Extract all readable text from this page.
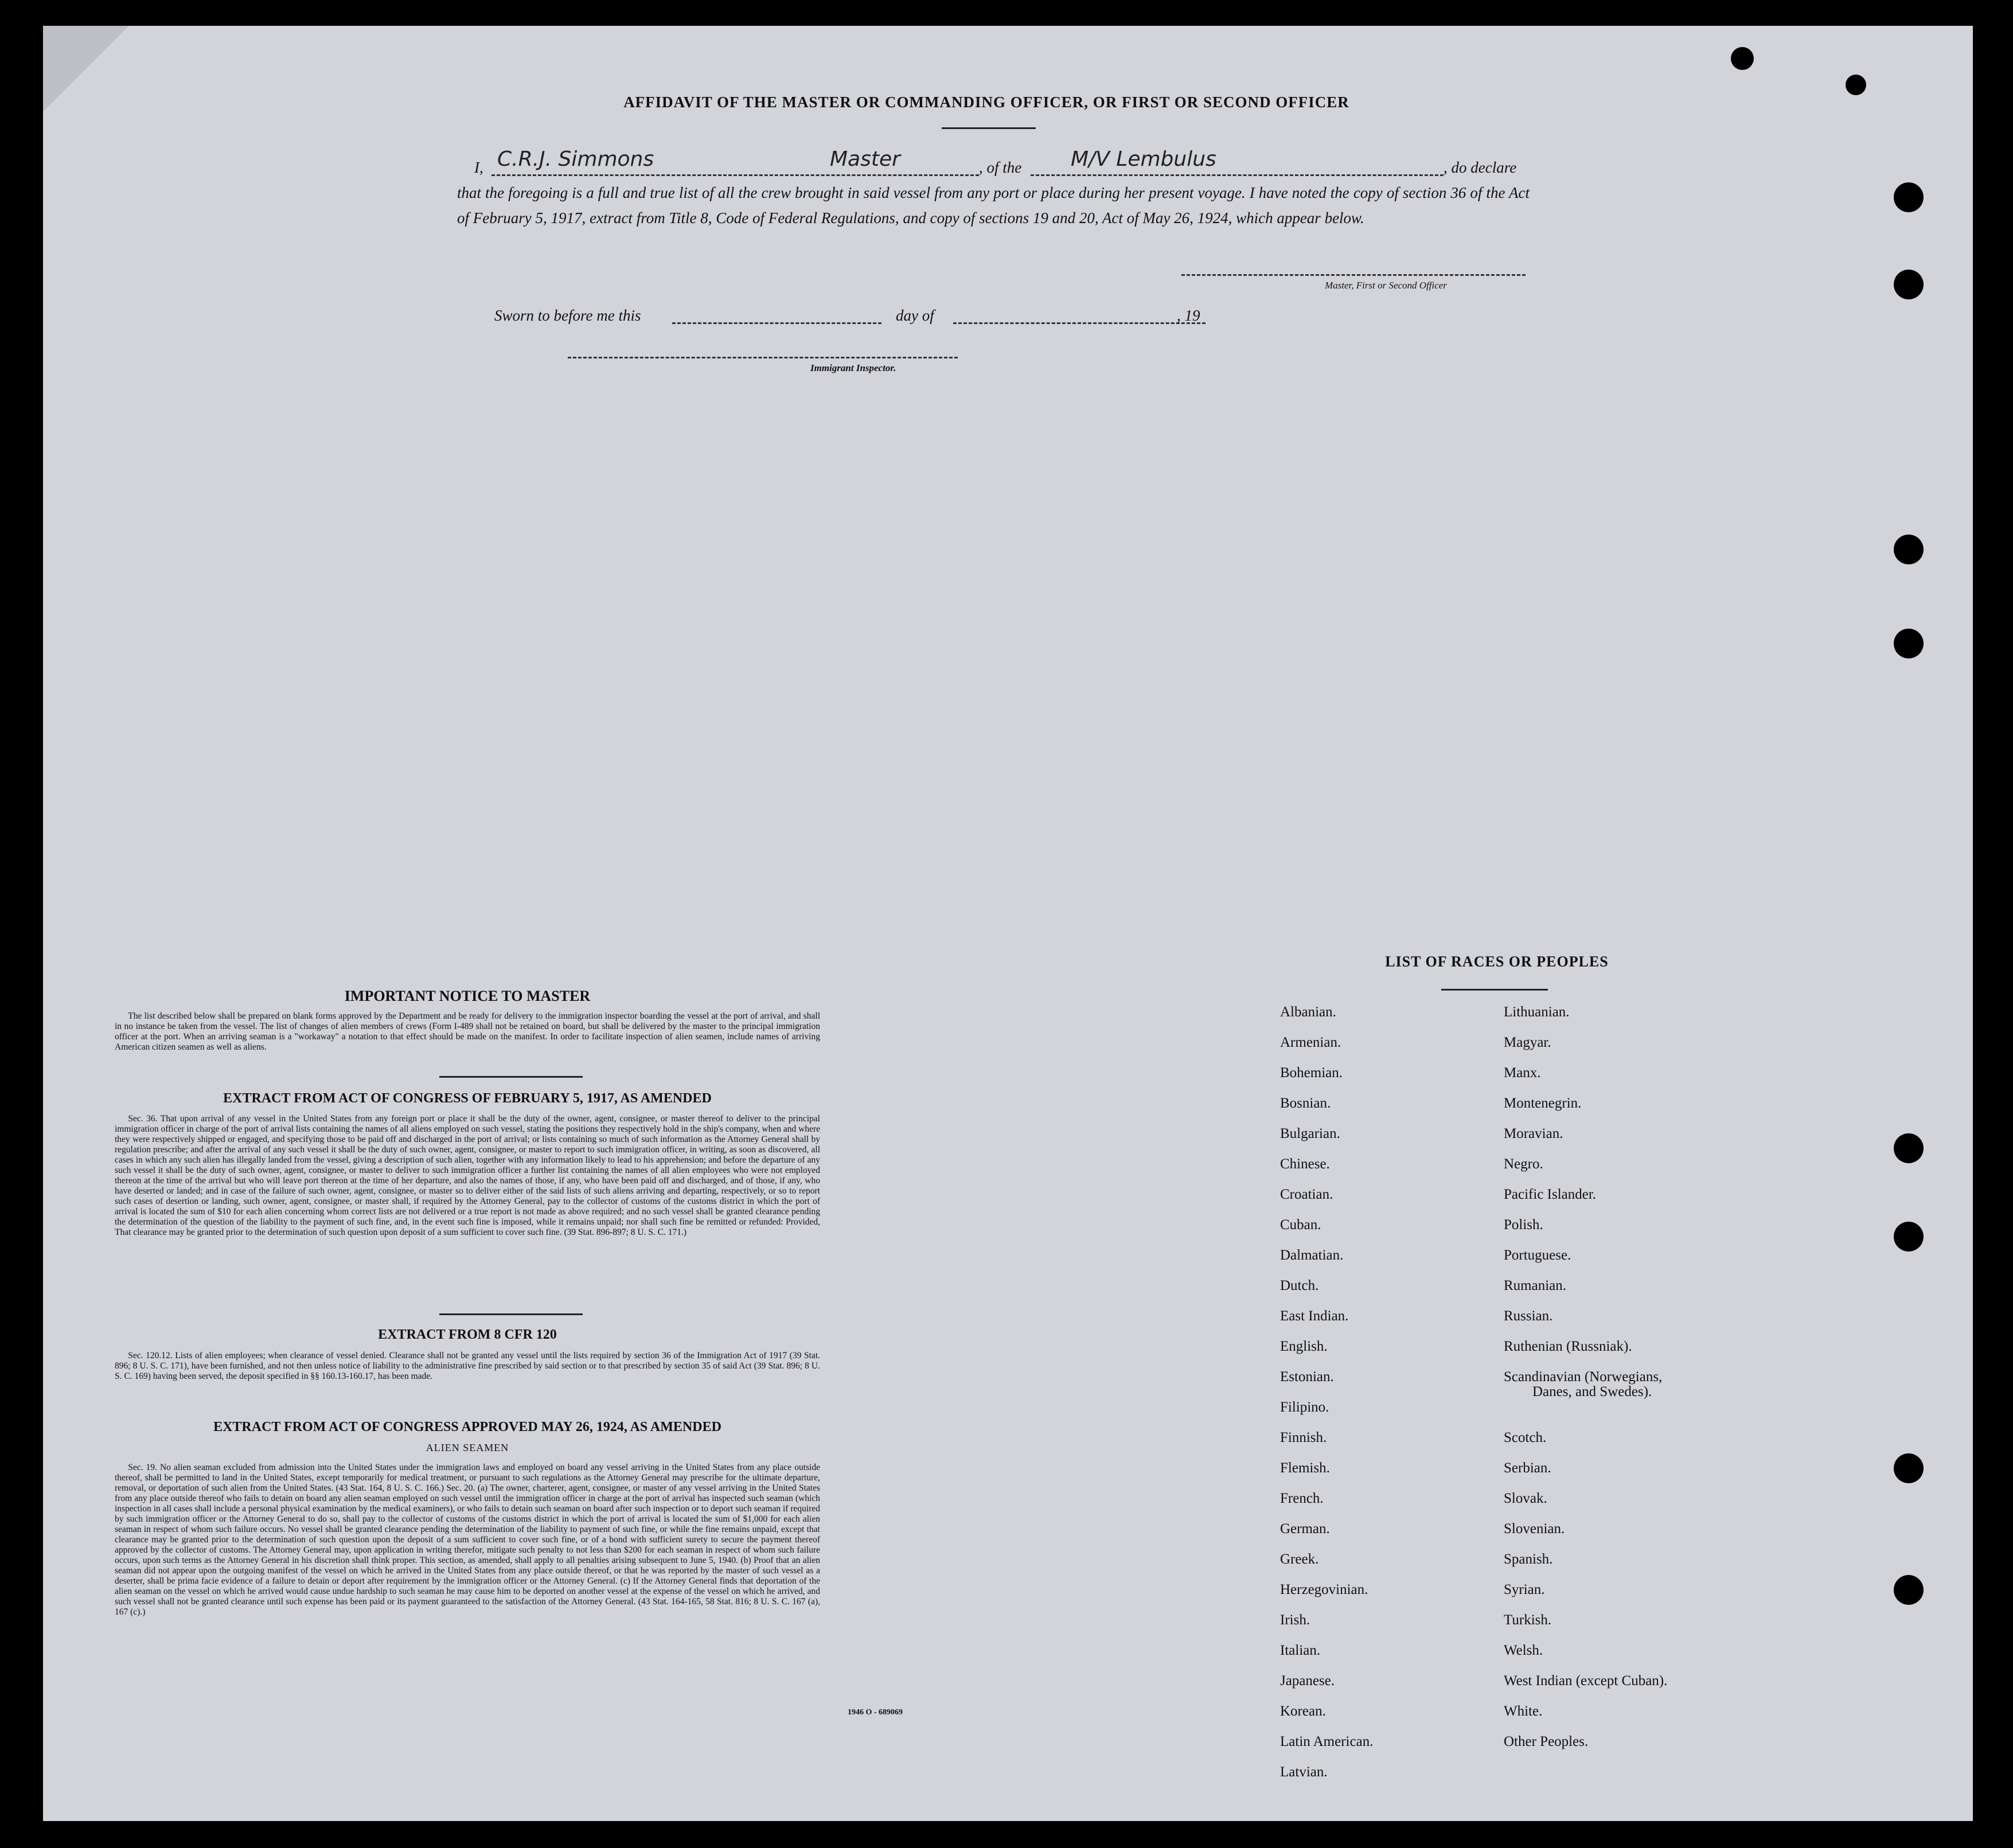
AFFIDAVIT OF THE MASTER OR COMMANDING OFFICER, OR FIRST OR SECOND OFFICER
I, C.R.J. Simmons	Master	, of the M/V Lembulus	, do declare
that the foregoing is a full and true list of all the crew brought in said vessel from any port or place during her present voyage. I have noted the copy of section 36 of the Act of February 5, 1917, extract from Title 8, Code of Federal Regulations, and copy of sections 19 and 20, Act of May 26, 1924, which appear below.
Master, First or Second Officer
Sworn to before me this	day of	, 19
Immigrant Inspector.
IMPORTANT NOTICE TO MASTER
The list described below shall be prepared on blank forms approved by the Department and be ready for delivery to the immigration inspector boarding the vessel at the port of arrival, and shall in no instance be taken from the vessel. The list of changes of alien members of crews (Form I-489 shall not be retained on board, but shall be delivered by the master to the principal immigration officer at the port. When an arriving seaman is a "workaway" a notation to that effect should be made on the manifest. In order to facilitate inspection of alien seamen, include names of arriving American citizen seamen as well as aliens.
EXTRACT FROM ACT OF CONGRESS OF FEBRUARY 5, 1917, AS AMENDED
Sec. 36. That upon arrival of any vessel in the United States from any foreign port or place it shall be the duty of the owner, agent, consignee, or master thereof to deliver to the principal immigration officer in charge of the port of arrival lists containing the names of all aliens employed on such vessel, stating the positions they respectively hold in the ship's company, when and where they were respectively shipped or engaged, and specifying those to be paid off and discharged in the port of arrival; or lists containing so much of such information as the Attorney General shall by regulation prescribe; and after the arrival of any such vessel it shall be the duty of such owner, agent, consignee, or master to report to such immigration officer, in writing, as soon as discovered, all cases in which any such alien has illegally landed from the vessel, giving a description of such alien, together with any information likely to lead to his apprehension; and before the departure of any such vessel it shall be the duty of such owner, agent, consignee, or master to deliver to such immigration officer a further list containing the names of all alien employees who were not employed thereon at the time of the arrival but who will leave port thereon at the time of her departure, and also the names of those, if any, who have been paid off and discharged, and of those, if any, who have deserted or landed; and in case of the failure of such owner, agent, consignee, or master so to deliver either of the said lists of such aliens arriving and departing, respectively, or so to report such cases of desertion or landing, such owner, agent, consignee, or master shall, if required by the Attorney General, pay to the collector of customs of the customs district in which the port of arrival is located the sum of $10 for each alien concerning whom correct lists are not delivered or a true report is not made as above required; and no such vessel shall be granted clearance pending the determination of the question of the liability to the payment of such fine, and, in the event such fine is imposed, while it remains unpaid; nor shall such fine be remitted or refunded: Provided, That clearance may be granted prior to the determination of such question upon deposit of a sum sufficient to cover such fine. (39 Stat. 896-897; 8 U. S. C. 171.)
EXTRACT FROM 8 CFR 120
Sec. 120.12. Lists of alien employees; when clearance of vessel denied. Clearance shall not be granted any vessel until the lists required by section 36 of the Immigration Act of 1917 (39 Stat. 896; 8 U. S. C. 171), have been furnished, and not then unless notice of liability to the administrative fine prescribed by said section or to that prescribed by section 35 of said Act (39 Stat. 896; 8 U. S. C. 169) having been served, the deposit specified in §§ 160.13-160.17, has been made.
EXTRACT FROM ACT OF CONGRESS APPROVED MAY 26, 1924, AS AMENDED
ALIEN SEAMEN
Sec. 19. No alien seaman excluded from admission into the United States under the immigration laws and employed on board any vessel arriving in the United States from any place outside thereof, shall be permitted to land in the United States, except temporarily for medical treatment, or pursuant to such regulations as the Attorney General may prescribe for the ultimate departure, removal, or deportation of such alien from the United States. (43 Stat. 164, 8 U. S. C. 166.) Sec. 20. (a) The owner, charterer, agent, consignee, or master of any vessel arriving in the United States from any place outside thereof who fails to detain on board any alien seaman employed on such vessel until the immigration officer in charge at the port of arrival has inspected such seaman (which inspection in all cases shall include a personal physical examination by the medical examiners), or who fails to detain such seaman on board after such inspection or to deport such seaman if required by such immigration officer or the Attorney General to do so, shall pay to the collector of customs of the customs district in which the port of arrival is located the sum of $1,000 for each alien seaman in respect of whom such failure occurs. No vessel shall be granted clearance pending the determination of the liability to payment of such fine, or while the fine remains unpaid, except that clearance may be granted prior to the determination of such question upon the deposit of a sum sufficient to cover such fine, or of a bond with sufficient surety to secure the payment thereof approved by the collector of customs. The Attorney General may, upon application in writing therefor, mitigate such penalty to not less than $200 for each seaman in respect of whom such failure occurs, upon such terms as the Attorney General in his discretion shall think proper. This section, as amended, shall apply to all penalties arising subsequent to June 5, 1940. (b) Proof that an alien seaman did not appear upon the outgoing manifest of the vessel on which he arrived in the United States from any place outside thereof, or that he was reported by the master of such vessel as a deserter, shall be prima facie evidence of a failure to detain or deport after requirement by the immigration officer or the Attorney General. (c) If the Attorney General finds that deportation of the alien seaman on the vessel on which he arrived would cause undue hardship to such seaman he may cause him to be deported on another vessel at the expense of the vessel on which he arrived, and such vessel shall not be granted clearance until such expense has been paid or its payment guaranteed to the satisfaction of the Attorney General. (43 Stat. 164-165, 58 Stat. 816; 8 U. S. C. 167 (a), 167 (c).)
1946 O - 689069
LIST OF RACES OR PEOPLES
Albanian.
Armenian.
Bohemian.
Bosnian.
Bulgarian.
Chinese.
Croatian.
Cuban.
Dalmatian.
Dutch.
East Indian.
English.
Estonian.
Filipino.
Finnish.
Flemish.
French.
German.
Greek.
Herzegovinian.
Irish.
Italian.
Japanese.
Korean.
Latin American.
Latvian.
Lithuanian.
Magyar.
Manx.
Montenegrin.
Moravian.
Negro.
Pacific Islander.
Polish.
Portuguese.
Rumanian.
Russian.
Ruthenian (Russniak).
Scandinavian (Norwegians,
Danes, and Swedes).
Scotch.
Serbian.
Slovak.
Slovenian.
Spanish.
Syrian.
Turkish.
Welsh.
West Indian (except Cuban).
White.
Other Peoples.
